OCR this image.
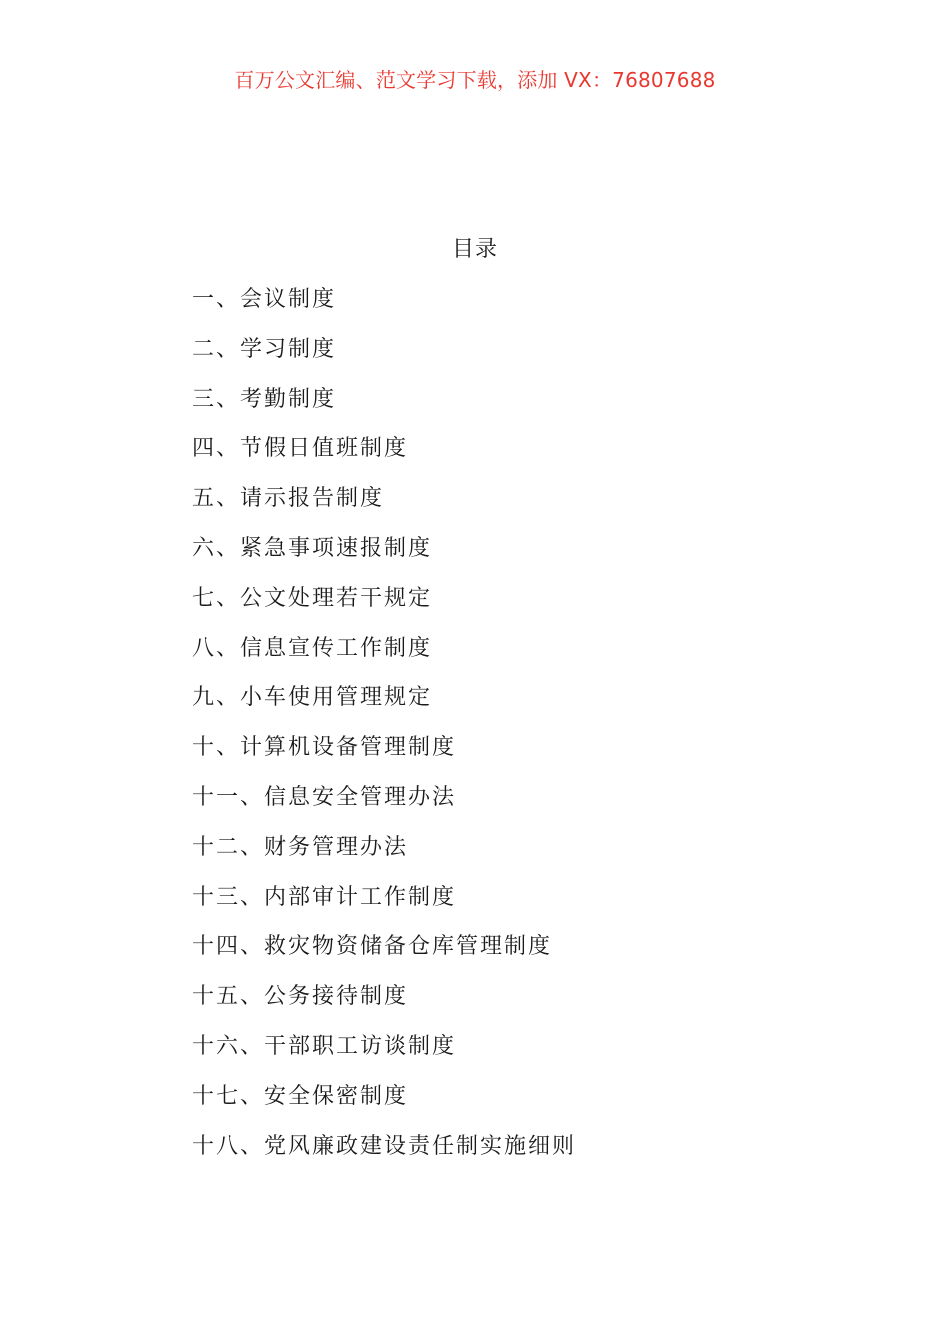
百万公文汇编、范文学习下载，添加 VX：76807688
目录
一、会议制度
二、学习制度
三、考勤制度
四、节假日值班制度
五、请示报告制度
六、紧急事项速报制度
七、公文处理若干规定
八、信息宣传工作制度
九、小车使用管理规定
十、计算机设备管理制度
十一、信息安全管理办法
十二、财务管理办法
十三、内部审计工作制度
十四、救灾物资储备仓库管理制度
十五、公务接待制度
十六、干部职工访谈制度
十七、安全保密制度
十八、党风廉政建设责任制实施细则
